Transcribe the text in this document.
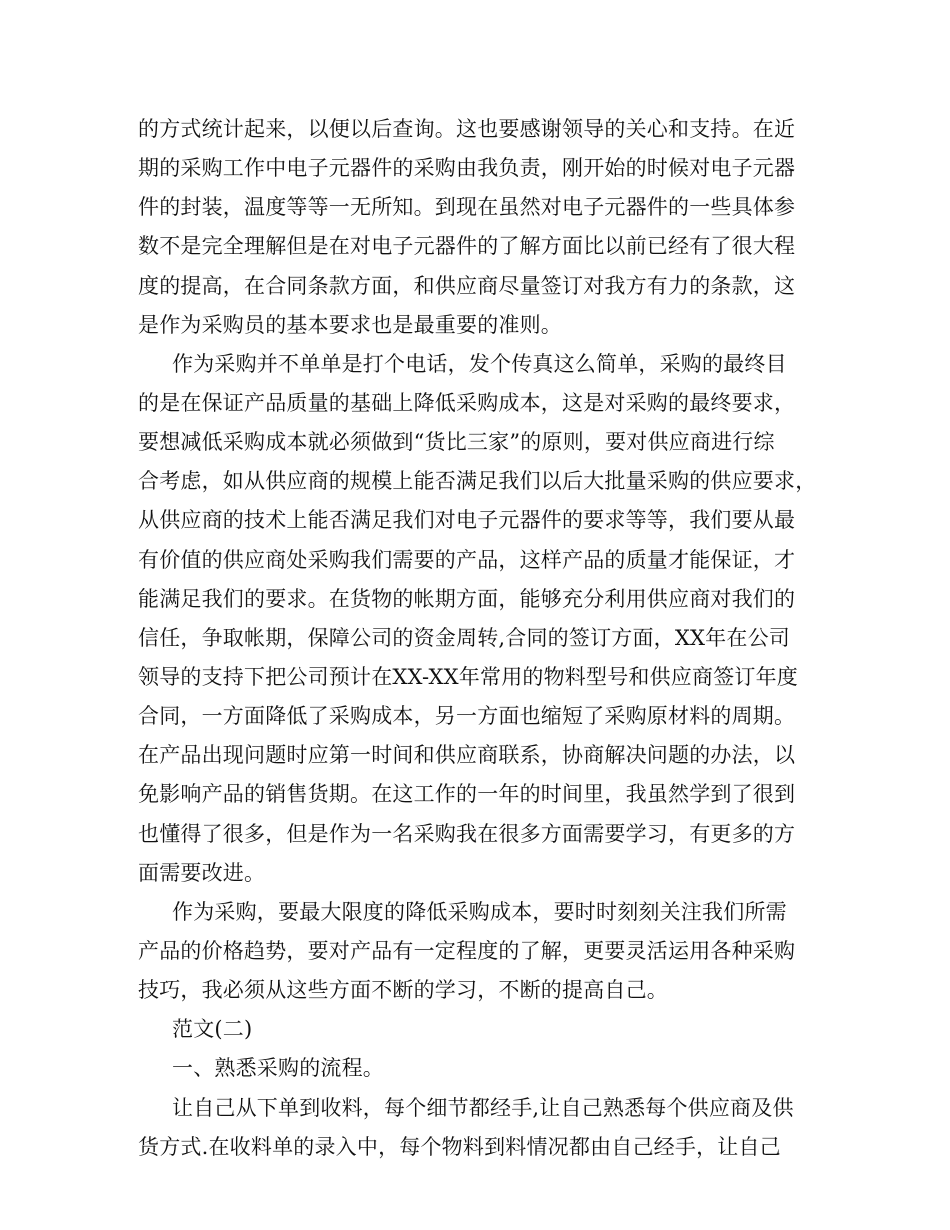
的方式统计起来，以便以后查询。这也要感谢领导的关心和支持。在近
期的采购工作中电子元器件的采购由我负责，刚开始的时候对电子元器
件的封装，温度等等一无所知。到现在虽然对电子元器件的一些具体参
数不是完全理解但是在对电子元器件的了解方面比以前已经有了很大程
度的提高，在合同条款方面，和供应商尽量签订对我方有力的条款，这
是作为采购员的基本要求也是最重要的准则。
作为采购并不单单是打个电话，发个传真这么简单，采购的最终目
的是在保证产品质量的基础上降低采购成本，这是对采购的最终要求，
要想减低采购成本就必须做到“货比三家”的原则，要对供应商进行综
合考虑，如从供应商的规模上能否满足我们以后大批量采购的供应要求，
从供应商的技术上能否满足我们对电子元器件的要求等等，我们要从最
有价值的供应商处采购我们需要的产品，这样产品的质量才能保证，才
能满足我们的要求。在货物的帐期方面，能够充分利用供应商对我们的
信任，争取帐期，保障公司的资金周转,合同的签订方面，XX年在公司
领导的支持下把公司预计在XX-XX年常用的物料型号和供应商签订年度
合同，一方面降低了采购成本，另一方面也缩短了采购原材料的周期。
在产品出现问题时应第一时间和供应商联系，协商解决问题的办法，以
免影响产品的销售货期。在这工作的一年的时间里，我虽然学到了很到
也懂得了很多，但是作为一名采购我在很多方面需要学习，有更多的方
面需要改进。
作为采购，要最大限度的降低采购成本，要时时刻刻关注我们所需
产品的价格趋势，要对产品有一定程度的了解，更要灵活运用各种采购
技巧，我必须从这些方面不断的学习，不断的提高自己。
范文(二)
一、熟悉采购的流程。
让自己从下单到收料，每个细节都经手,让自己熟悉每个供应商及供
货方式.在收料单的录入中，每个物料到料情况都由自己经手，让自己
